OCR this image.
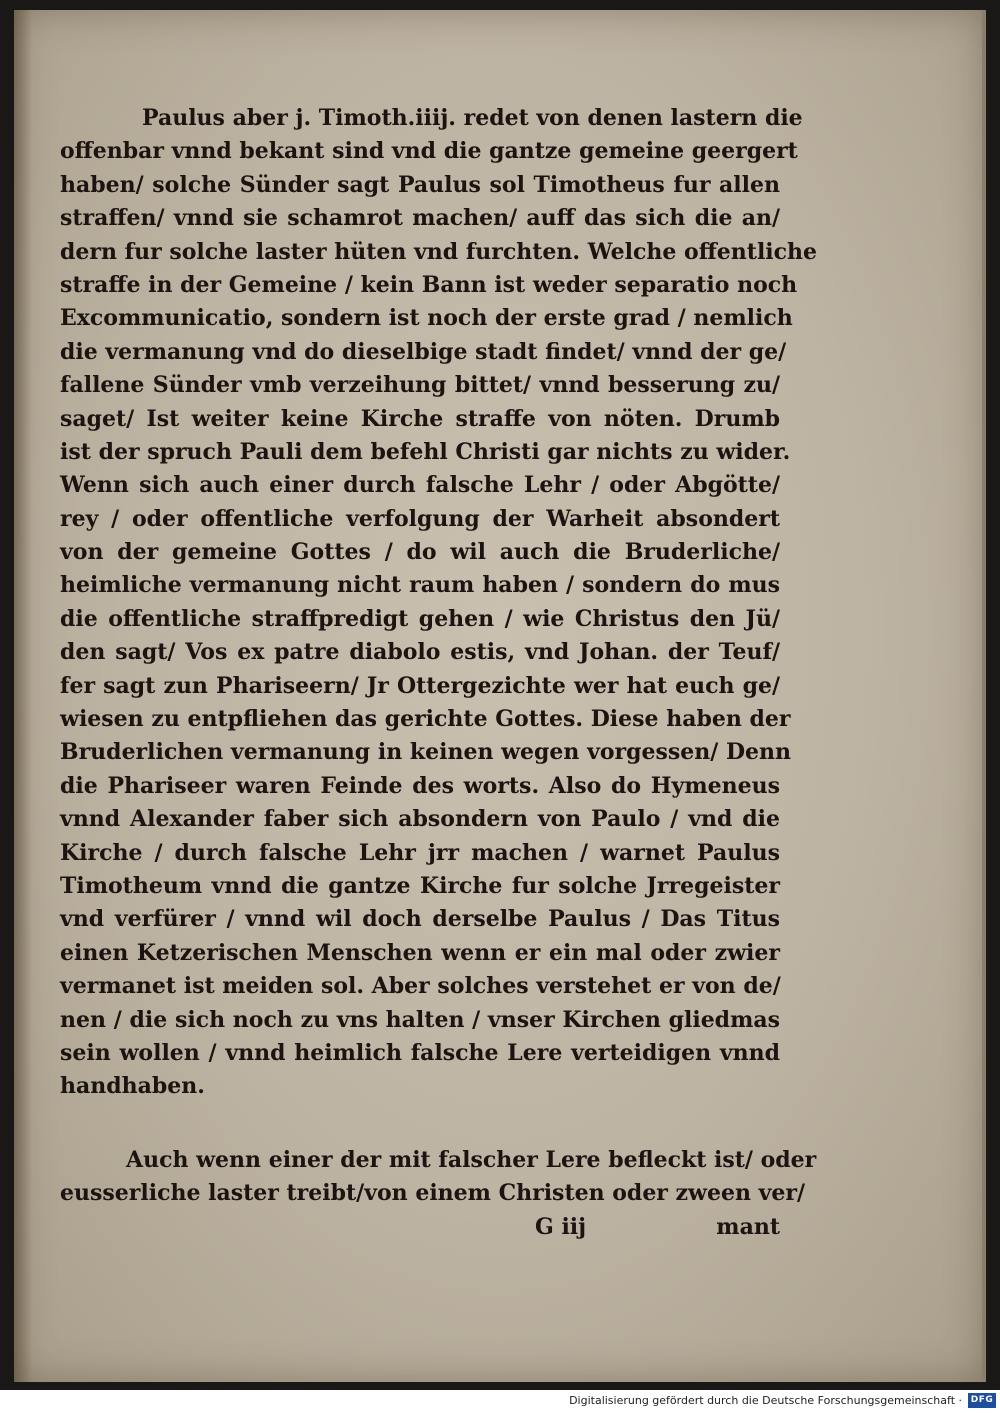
Paulus aber j. Timoth.iiij. redet von denen lastern die
offenbar vnnd bekant sind vnd die gantze gemeine geergert
haben/ solche Sünder sagt Paulus sol Timotheus fur allen
straffen/ vnnd sie schamrot machen/ auff das sich die an/
dern fur solche laster hüten vnd furchten. Welche offentliche
straffe in der Gemeine / kein Bann ist weder separatio noch
Excommunicatio, sondern ist noch der erste grad / nemlich
die vermanung vnd do dieselbige stadt findet/ vnnd der ge/
fallene Sünder vmb verzeihung bittet/ vnnd besserung zu/
saget/ Ist weiter keine Kirche straffe von nöten. Drumb
ist der spruch Pauli dem befehl Christi gar nichts zu wider.
Wenn sich auch einer durch falsche Lehr / oder Abgötte/
rey / oder offentliche verfolgung der Warheit absondert
von der gemeine Gottes / do wil auch die Bruderliche/
heimliche vermanung nicht raum haben / sondern do mus
die offentliche straffpredigt gehen / wie Christus den Jü/
den sagt/ Vos ex patre diabolo estis, vnd Johan. der Teuf/
fer sagt zun Phariseern/ Jr Ottergezichte wer hat euch ge/
wiesen zu entpfliehen das gerichte Gottes. Diese haben der
Bruderlichen vermanung in keinen wegen vorgessen/ Denn
die Phariseer waren Feinde des worts. Also do Hymeneus
vnnd Alexander faber sich absondern von Paulo / vnd die
Kirche / durch falsche Lehr jrr machen / warnet Paulus
Timotheum vnnd die gantze Kirche fur solche Jrregeister
vnd verfürer / vnnd wil doch derselbe Paulus / Das Titus
einen Ketzerischen Menschen wenn er ein mal oder zwier
vermanet ist meiden sol. Aber solches verstehet er von de/
nen / die sich noch zu vns halten / vnser Kirchen gliedmas
sein wollen / vnnd heimlich falsche Lere verteidigen vnnd
handhaben.
Auch wenn einer der mit falscher Lere befleckt ist/ oder
eusserliche laster treibt/von einem Christen oder zween ver/
G iij	mant
Digitalisierung gefördert durch die Deutsche Forschungsgemeinschaft · DFG
